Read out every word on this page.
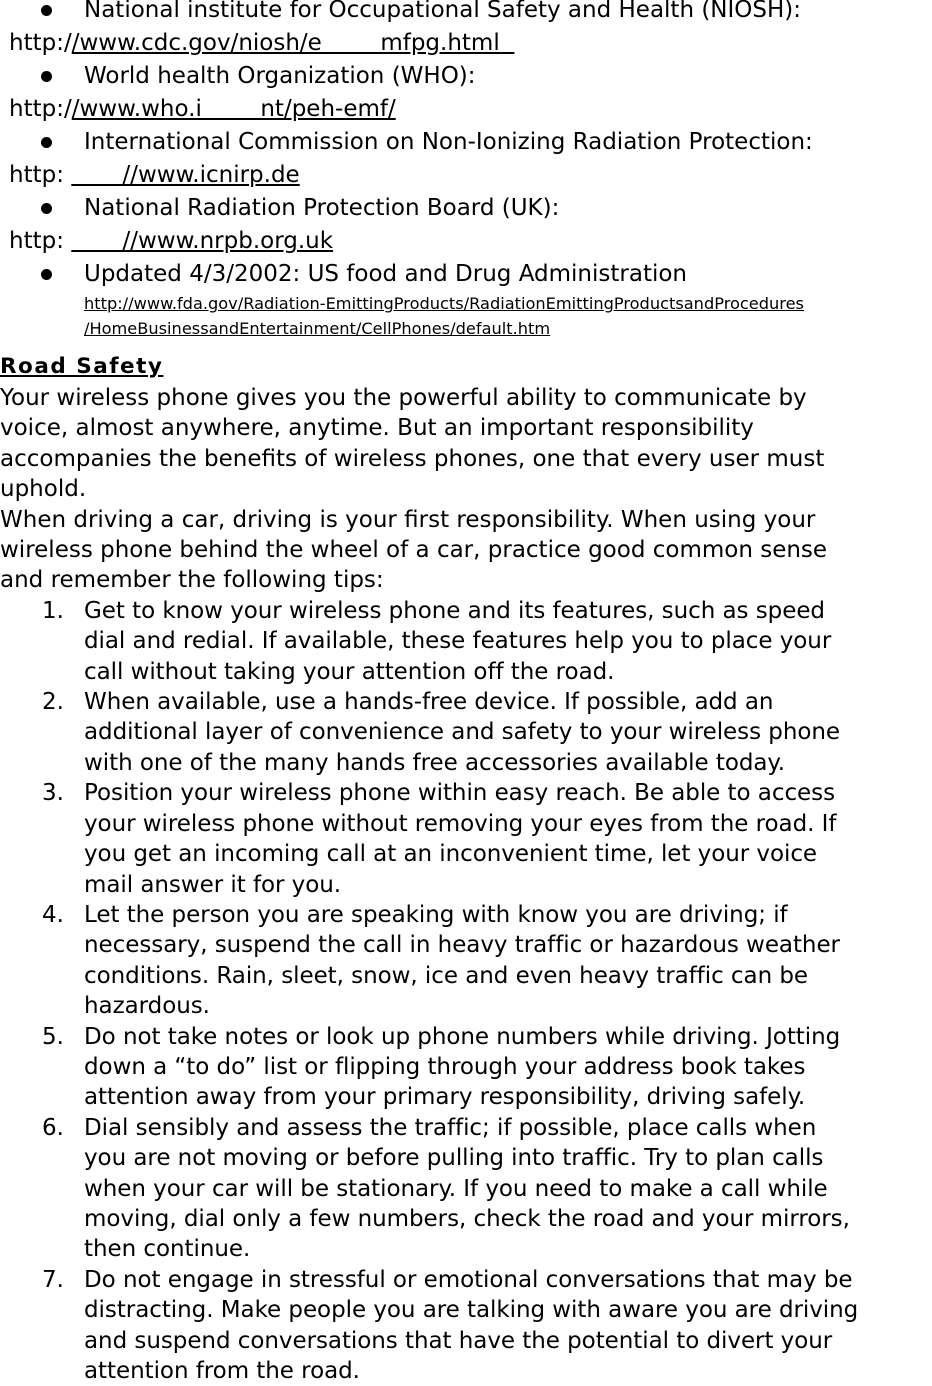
National institute for Occupational Safety and Health (NIOSH):
http://www.cdc.gov/niosh/e        mfpg.html
World health Organization (WHO):
http://www.who.i        nt/peh-emf/
International Commission on Non-Ionizing Radiation Protection:
http:        //www.icnirp.de
National Radiation Protection Board (UK):
http:        //www.nrpb.org.uk
Updated 4/3/2002: US food and Drug Administration
http://www.fda.gov/Radiation-EmittingProducts/RadiationEmittingProductsandProcedures
/HomeBusinessandEntertainment/CellPhones/default.htm
Road Safety

Your wireless phone gives you the powerful ability to communicate by
voice, almost anywhere, anytime. But an important responsibility
accompanies the benefits of wireless phones, one that every user must
uphold.

When driving a car, driving is your first responsibility. When using your
wireless phone behind the wheel of a car, practice good common sense
and remember the following tips:

1. Get to know your wireless phone and its features, such as speed
dial and redial. If available, these features help you to place your
call without taking your attention off the road.
2. When available, use a hands-free device. If possible, add an
additional layer of convenience and safety to your wireless phone
with one of the many hands free accessories available today.
3. Position your wireless phone within easy reach. Be able to access
your wireless phone without removing your eyes from the road. If
you get an incoming call at an inconvenient time, let your voice
mail answer it for you.
4. Let the person you are speaking with know you are driving; if
necessary, suspend the call in heavy traffic or hazardous weather
conditions. Rain, sleet, snow, ice and even heavy traffic can be
hazardous.
5. Do not take notes or look up phone numbers while driving. Jotting
down a “to do” list or flipping through your address book takes
attention away from your primary responsibility, driving safely.
6. Dial sensibly and assess the traffic; if possible, place calls when
you are not moving or before pulling into traffic. Try to plan calls
when your car will be stationary. If you need to make a call while
moving, dial only a few numbers, check the road and your mirrors,
then continue.
7. Do not engage in stressful or emotional conversations that may be
distracting. Make people you are talking with aware you are driving
and suspend conversations that have the potential to divert your
attention from the road.
